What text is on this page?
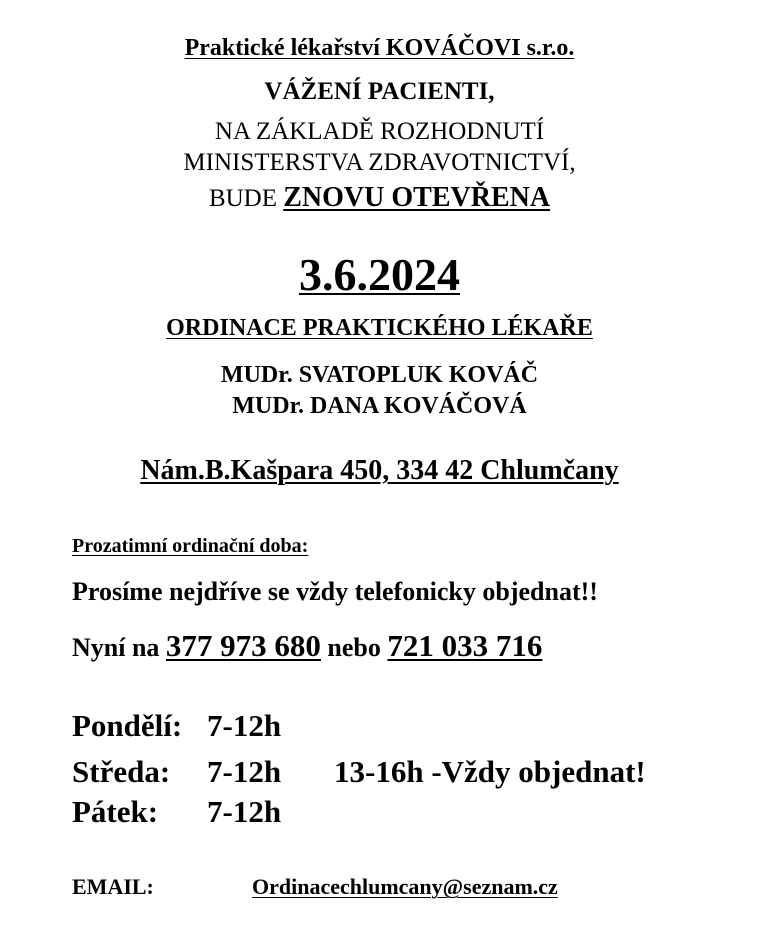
Praktické lékařství KOVÁČOVI s.r.o.
VÁŽENÍ PACIENTI,
NA ZÁKLADĚ ROZHODNUTÍ
MINISTERSTVA ZDRAVOTNICTVÍ,
BUDE ZNOVU OTEVŘENA
3.6.2024
ORDINACE PRAKTICKÉHO LÉKAŘE
MUDr. SVATOPLUK KOVÁČ
MUDr. DANA KOVÁČOVÁ
Nám.B.Kašpara 450, 334 42 Chlumčany
Prozatimní ordinační doba:
Prosíme nejdříve se vždy telefonicky objednat!!
Nyní na 377 973 680 nebo 721 033 716
Pondělí: 7-12h
Středa: 7-12h 13-16h -Vždy objednat!
Pátek: 7-12h
EMAIL:	Ordinacechlumcany@seznam.cz
